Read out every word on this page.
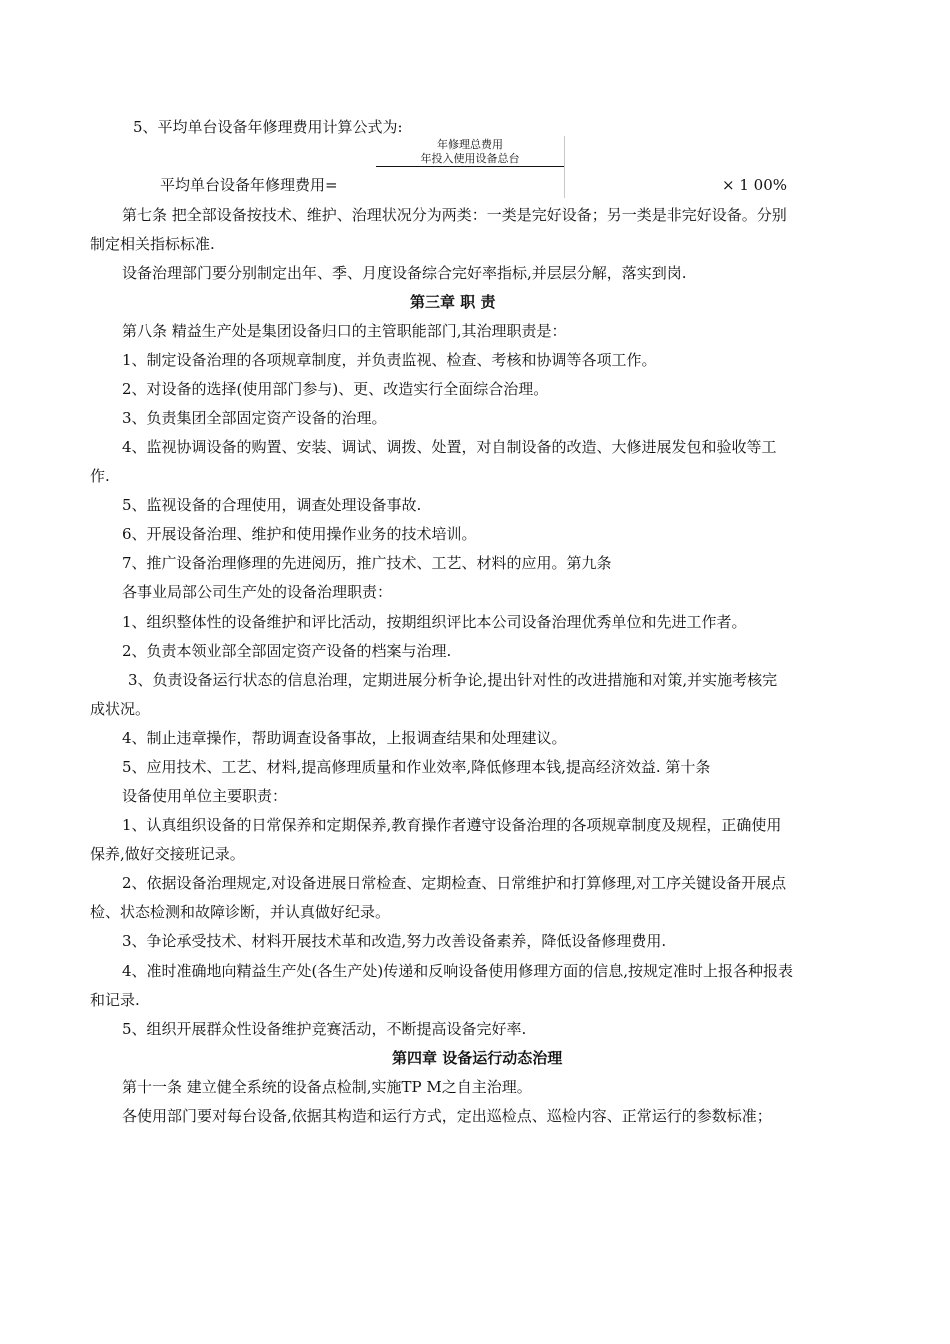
5、平均单台设备年修理费用计算公式为:
年修理总费用
年投入使用设备总台
平均单台设备年修理费用=	× 1 00%
第七条 把全部设备按技术、维护、治理状况分为两类：一类是完好设备；另一类是非完好设备。分别
制定相关指标标准.
设备治理部门要分别制定出年、季、月度设备综合完好率指标,并层层分解，落实到岗.
第三章 职 责
第八条 精益生产处是集团设备归口的主管职能部门,其治理职责是：
1、制定设备治理的各项规章制度，并负责监视、检查、考核和协调等各项工作。
2、对设备的选择(使用部门参与)、更、改造实行全面综合治理。
3、负责集团全部固定资产设备的治理。
4、监视协调设备的购置、安装、调试、调拨、处置，对自制设备的改造、大修进展发包和验收等工
作.
5、监视设备的合理使用，调查处理设备事故.
6、开展设备治理、维护和使用操作业务的技术培训。
7、推广设备治理修理的先进阅历，推广技术、工艺、材料的应用。第九条
各事业局部公司生产处的设备治理职责：
1、组织整体性的设备维护和评比活动，按期组织评比本公司设备治理优秀单位和先进工作者。
2、负责本领业部全部固定资产设备的档案与治理.
3、负责设备运行状态的信息治理，定期进展分析争论,提出针对性的改进措施和对策,并实施考核完
成状况。
4、制止违章操作，帮助调查设备事故，上报调查结果和处理建议。
5、应用技术、工艺、材料,提高修理质量和作业效率,降低修理本钱,提高经济效益. 第十条
设备使用单位主要职责：
1、认真组织设备的日常保养和定期保养,教育操作者遵守设备治理的各项规章制度及规程，正确使用
保养,做好交接班记录。
2、依据设备治理规定,对设备进展日常检查、定期检查、日常维护和打算修理,对工序关键设备开展点
检、状态检测和故障诊断，并认真做好纪录。
3、争论承受技术、材料开展技术革和改造,努力改善设备素养，降低设备修理费用.
4、准时准确地向精益生产处(各生产处)传递和反响设备使用修理方面的信息,按规定准时上报各种报表
和记录.
5、组织开展群众性设备维护竞赛活动，不断提高设备完好率.
第四章 设备运行动态治理
第十一条 建立健全系统的设备点检制,实施TP M之自主治理。
各使用部门要对每台设备,依据其构造和运行方式，定出巡检点、巡检内容、正常运行的参数标准；
